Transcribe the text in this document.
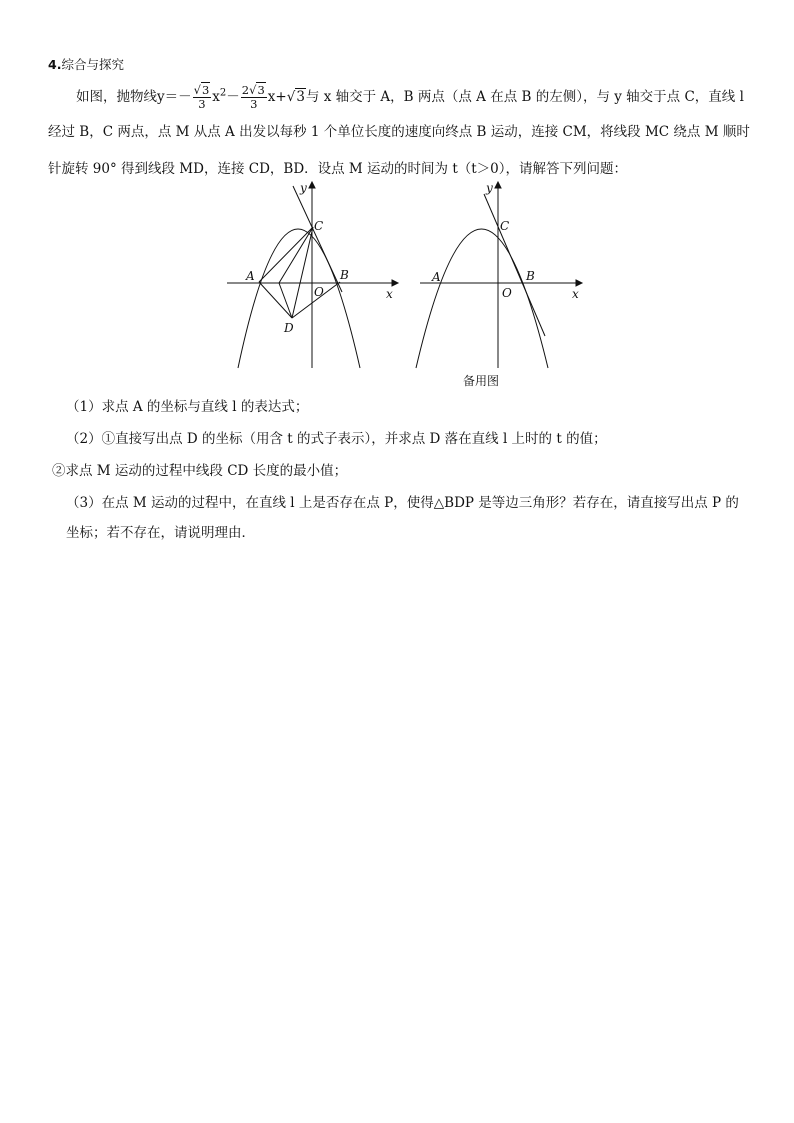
4.综合与探究
如图，抛物线$y=- \frac{√3}{3} x^2- \frac{2√3}{3} x+√3$与 x 轴交于 A，B 两点（点 A 在点 B 的左侧），与 y 轴交于点 C，直线 l
经过 B，C 两点，点 M 从点 A 出发以每秒 1 个单位长度的速度向终点 B 运动，连接 CM，将线段 MC 绕点 M 顺时
针旋转 90° 得到线段 MD，连接 CD，BD．设点 M 运动的时间为 t（t＞0），请解答下列问题：
y
C
A	B
O	x
D
y
C
A	B
O	x
备用图
（1）求点 A 的坐标与直线 l 的表达式；
（2）①直接写出点 D 的坐标（用含 t 的式子表示），并求点 D 落在直线 l 上时的 t 的值；
②求点 M 运动的过程中线段 CD 长度的最小值；
（3）在点 M 运动的过程中，在直线 l 上是否存在点 P，使得△BDP 是等边三角形？若存在，请直接写出点 P 的
坐标；若不存在，请说明理由．
